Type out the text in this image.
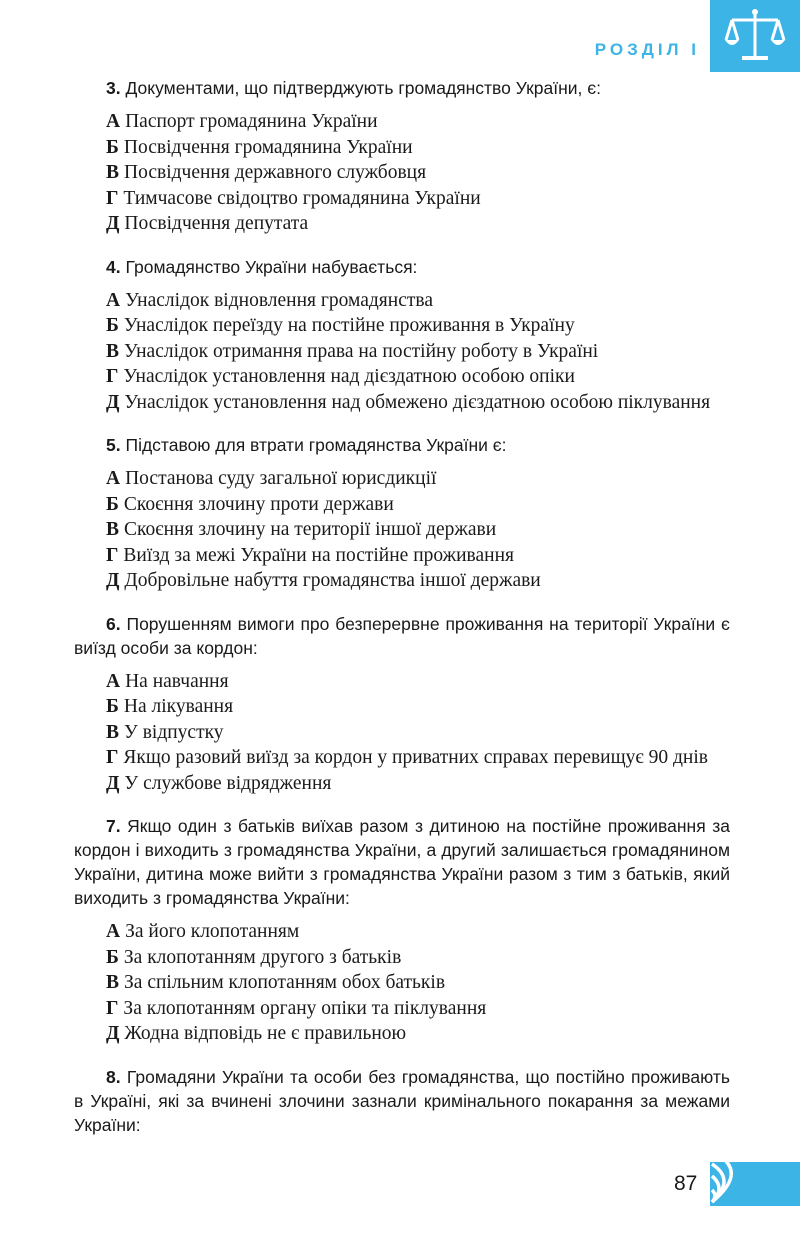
РОЗДІЛ І

3. Документами, що підтверджують громадянство України, є:

А Паспорт громадянина України
Б Посвідчення громадянина України
В Посвідчення державного службовця
Г Тимчасове свідоцтво громадянина України
Д Посвідчення депутата

4. Громадянство України набувається:

А Унаслідок відновлення громадянства
Б Унаслідок переїзду на постійне проживання в Україну
В Унаслідок отримання права на постійну роботу в Україні
Г Унаслідок установлення над дієздатною особою опіки
Д Унаслідок установлення над обмежено дієздатною особою піклування

5. Підставою для втрати громадянства України є:

А Постанова суду загальної юрисдикції
Б Скоєння злочину проти держави
В Скоєння злочину на території іншої держави
Г Виїзд за межі України на постійне проживання
Д Добровільне набуття громадянства іншої держави

6. Порушенням вимоги про безперервне проживання на території України є виїзд особи за кордон:

А На навчання
Б На лікування
В У відпустку
Г Якщо разовий виїзд за кордон у приватних справах перевищує 90 днів
Д У службове відрядження

7. Якщо один з батьків виїхав разом з дитиною на постійне проживання за кордон і виходить з громадянства України, а другий залишається громадянином України, дитина може вийти з громадянства України разом з тим з батьків, який виходить з громадянства України:

А За його клопотанням
Б За клопотанням другого з батьків
В За спільним клопотанням обох батьків
Г За клопотанням органу опіки та піклування
Д Жодна відповідь не є правильною

8. Громадяни України та особи без громадянства, що постійно проживають в Україні, які за вчинені злочини зазнали кримінального покарання за межами України:

87
